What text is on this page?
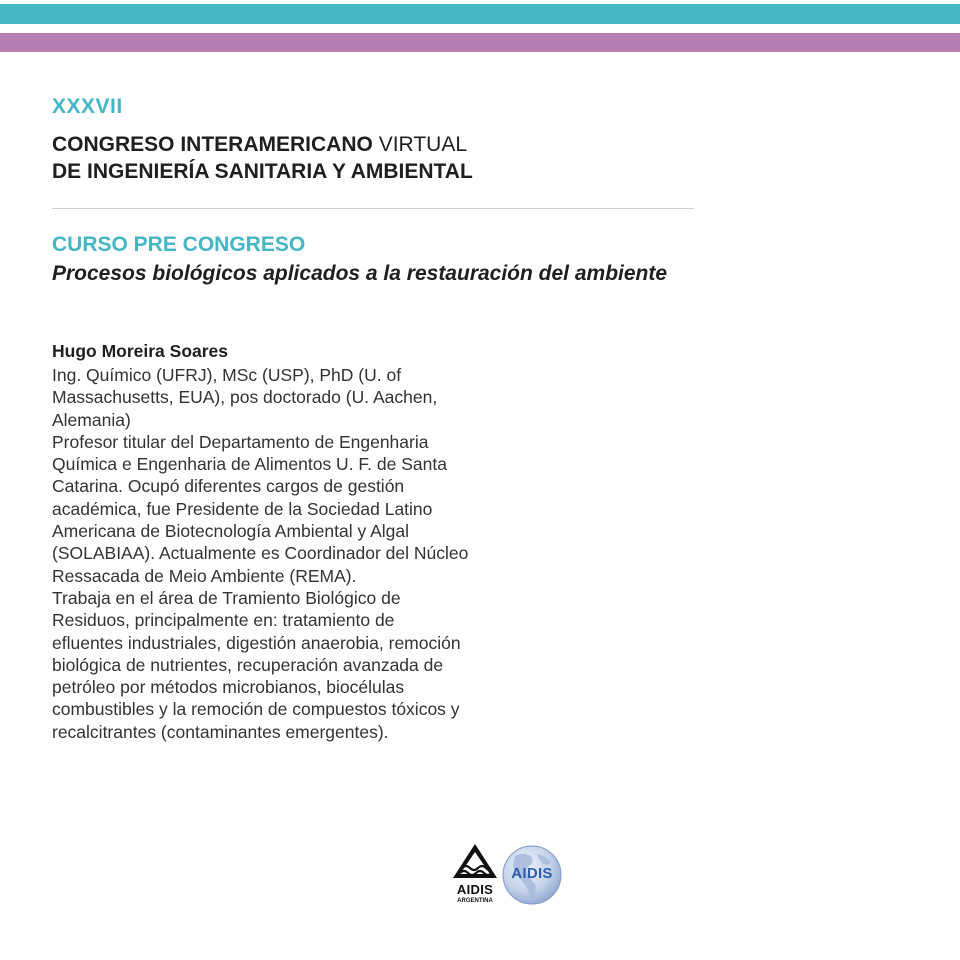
XXXVII
CONGRESO INTERAMERICANO VIRTUAL
DE INGENIERÍA SANITARIA Y AMBIENTAL
CURSO PRE CONGRESO
Procesos biológicos aplicados a la restauración del ambiente
Hugo Moreira Soares
Ing. Químico (UFRJ), MSc (USP), PhD (U. of
Massachusetts, EUA), pos doctorado (U. Aachen,
Alemania)
Profesor titular del Departamento de Engenharia
Química e Engenharia de Alimentos U. F. de Santa
Catarina. Ocupó diferentes cargos de gestión
académica, fue Presidente de la Sociedad Latino
Americana de Biotecnología Ambiental y Algal
(SOLABIAA). Actualmente es Coordinador del Núcleo
Ressacada de Meio Ambiente (REMA).
Trabaja en el área de Tramiento Biológico de
Residuos, principalmente en: tratamiento de
efluentes industriales, digestión anaerobia, remoción
biológica de nutrientes, recuperación avanzada de
petróleo por métodos microbianos, biocélulas
combustibles y la remoción de compuestos tóxicos y
recalcitrantes (contaminantes emergentes).
AIDIS
ARGENTINA
AIDIS
